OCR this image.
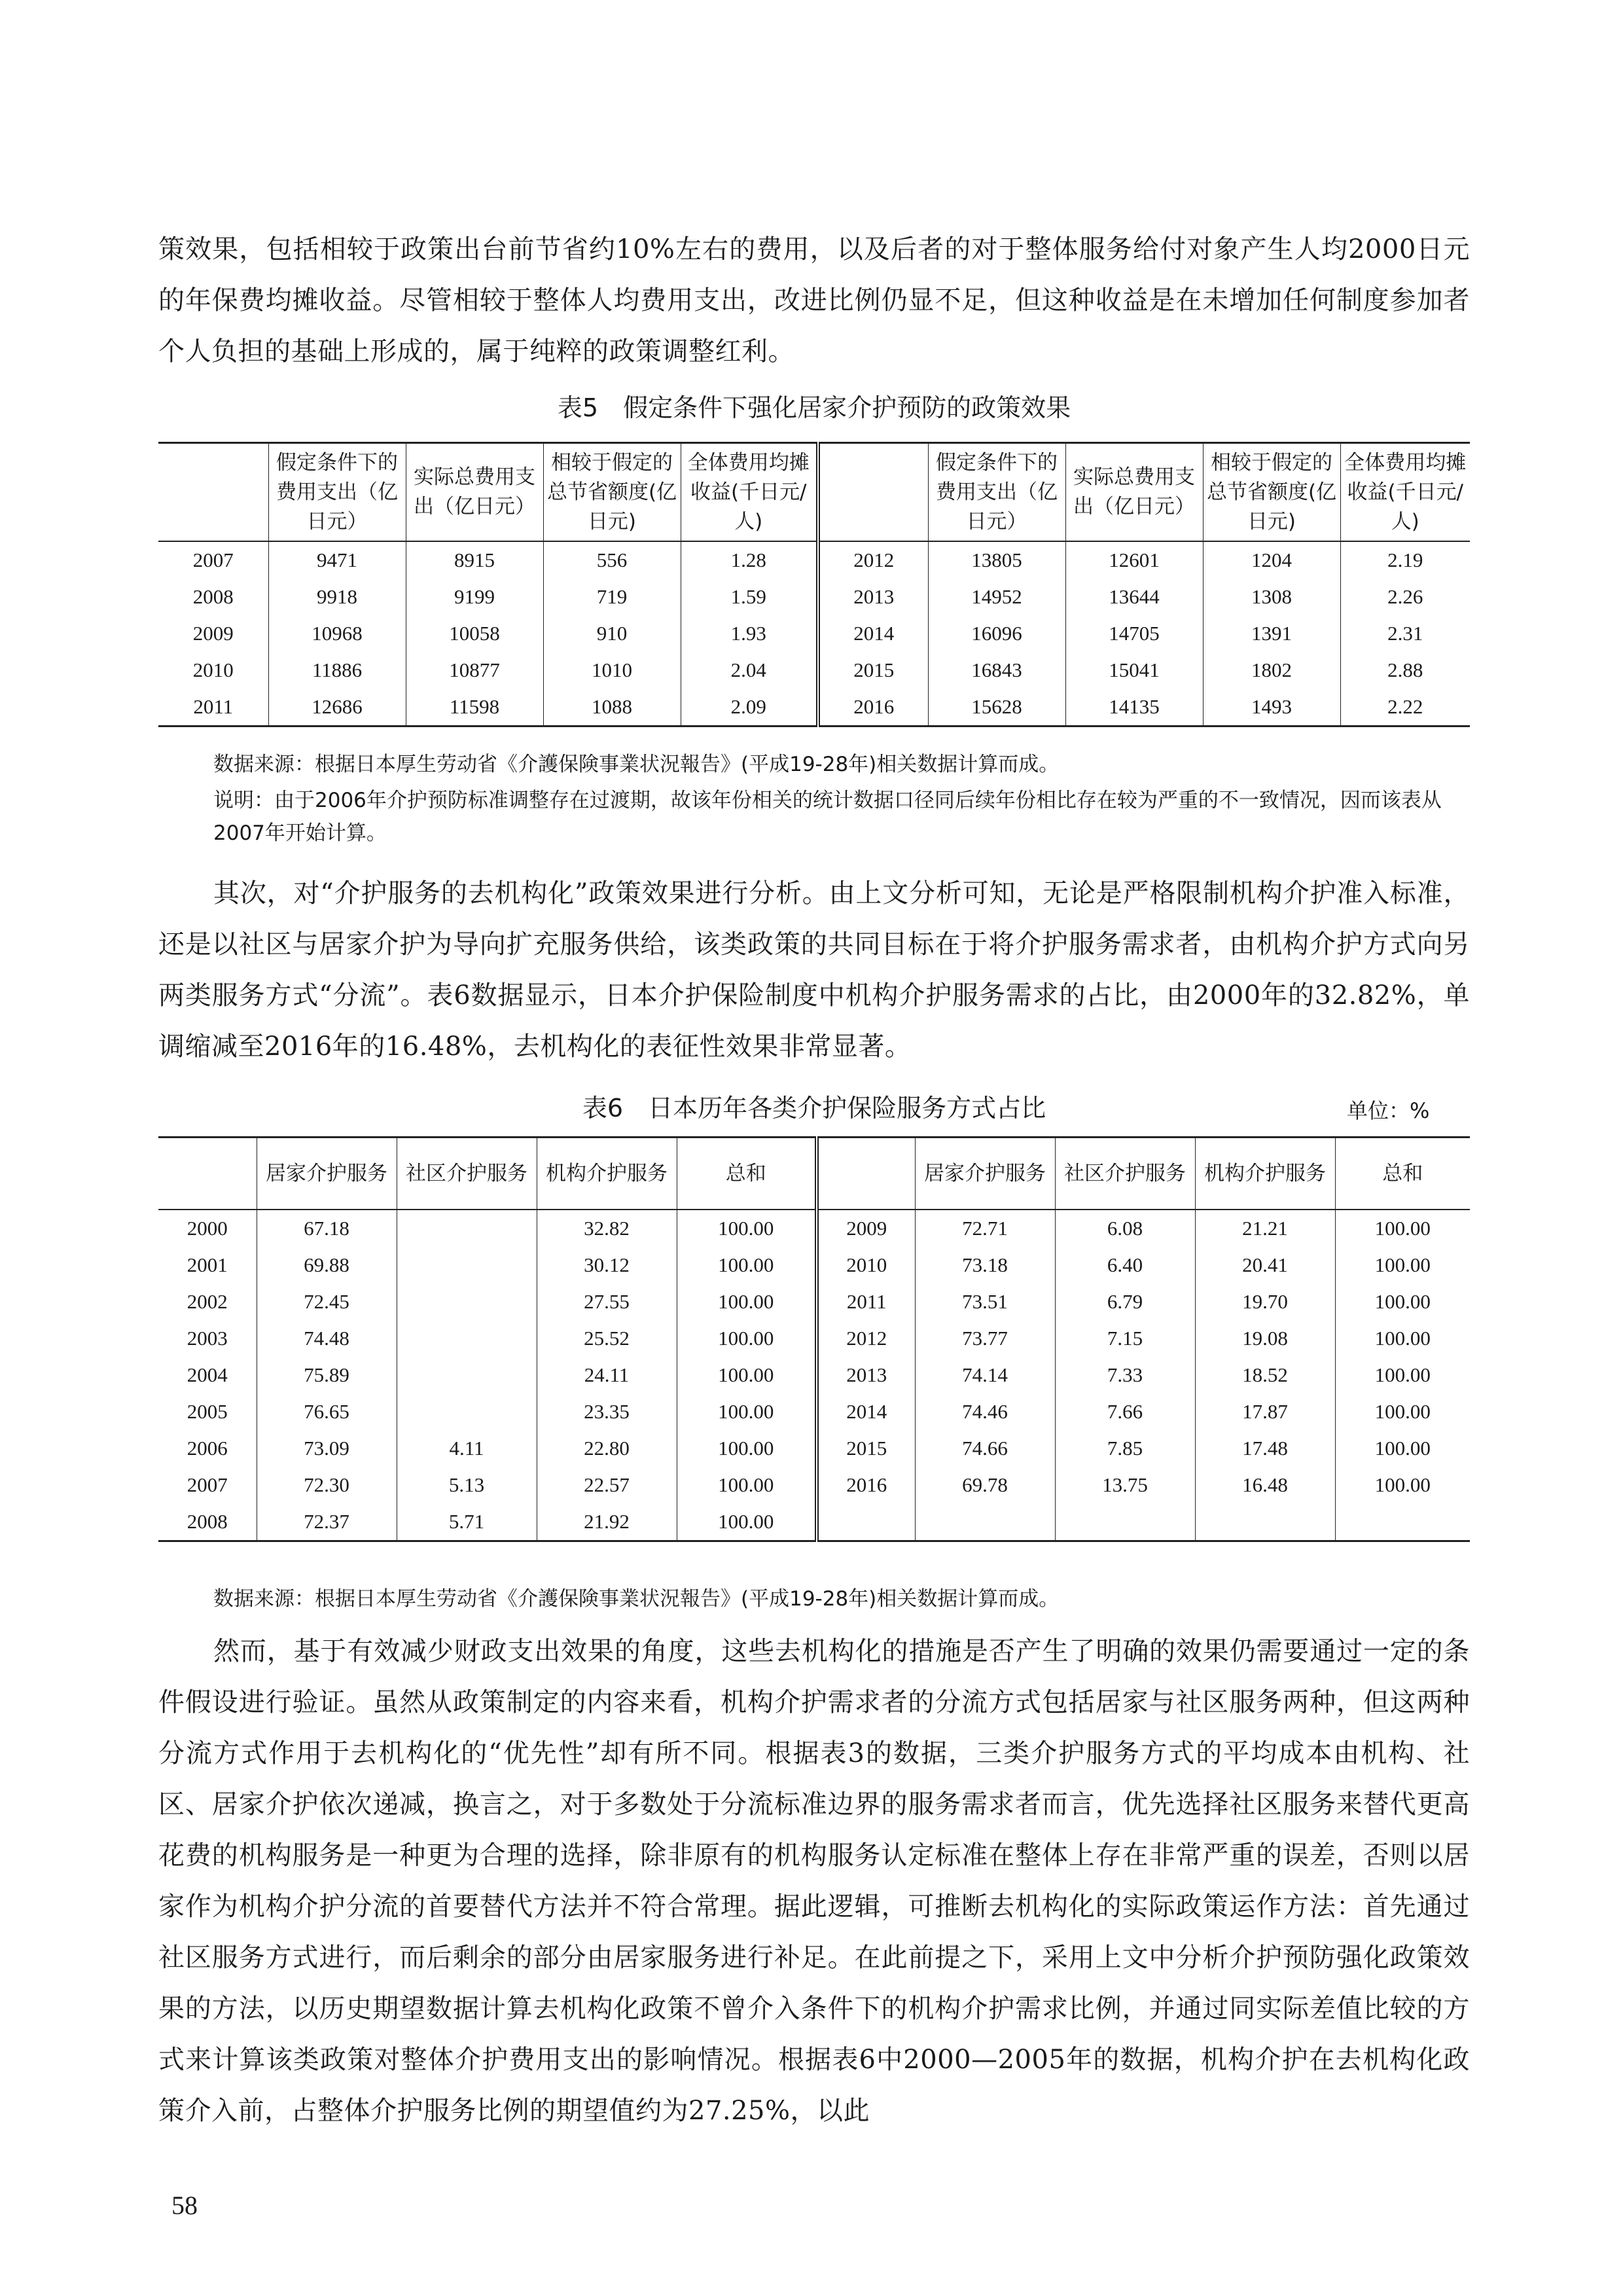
策效果，包括相较于政策出台前节省约10%左右的费用，以及后者的对于整体服务给付对象产生人均2000日元的年保费均摊收益。尽管相较于整体人均费用支出，改进比例仍显不足，但这种收益是在未增加任何制度参加者个人负担的基础上形成的，属于纯粹的政策调整红利。

表5　假定条件下强化居家介护预防的政策效果
	假定条件下的费用支出（亿日元）	实际总费用支出（亿日元）	相较于假定的总节省额度(亿日元)	全体费用均摊收益(千日元/人)		假定条件下的费用支出（亿日元）	实际总费用支出（亿日元）	相较于假定的总节省额度(亿日元)	全体费用均摊收益(千日元/人)
2007	9471	8915	556	1.28	2012	13805	12601	1204	2.19
2008	9918	9199	719	1.59	2013	14952	13644	1308	2.26
2009	10968	10058	910	1.93	2014	16096	14705	1391	2.31
2010	11886	10877	1010	2.04	2015	16843	15041	1802	2.88
2011	12686	11598	1088	2.09	2016	15628	14135	1493	2.22

数据来源：根据日本厚生劳动省《介護保険事業状況報告》(平成19-28年)相关数据计算而成。

说明：由于2006年介护预防标准调整存在过渡期，故该年份相关的统计数据口径同后续年份相比存在较为严重的不一致情况，因而该表从2007年开始计算。

其次，对“介护服务的去机构化”政策效果进行分析。由上文分析可知，无论是严格限制机构介护准入标准，还是以社区与居家介护为导向扩充服务供给，该类政策的共同目标在于将介护服务需求者，由机构介护方式向另两类服务方式“分流”。表6数据显示，日本介护保险制度中机构介护服务需求的占比，由2000年的32.82%，单调缩减至2016年的16.48%，去机构化的表征性效果非常显著。

表6　日本历年各类介护保险服务方式占比	单位：%
	居家介护服务	社区介护服务	机构介护服务	总和		居家介护服务	社区介护服务	机构介护服务	总和
2000	67.18		32.82	100.00	2009	72.71	6.08	21.21	100.00
2001	69.88		30.12	100.00	2010	73.18	6.40	20.41	100.00
2002	72.45		27.55	100.00	2011	73.51	6.79	19.70	100.00
2003	74.48		25.52	100.00	2012	73.77	7.15	19.08	100.00
2004	75.89		24.11	100.00	2013	74.14	7.33	18.52	100.00
2005	76.65		23.35	100.00	2014	74.46	7.66	17.87	100.00
2006	73.09	4.11	22.80	100.00	2015	74.66	7.85	17.48	100.00
2007	72.30	5.13	22.57	100.00	2016	69.78	13.75	16.48	100.00
2008	72.37	5.71	21.92	100.00					

数据来源：根据日本厚生劳动省《介護保険事業状況報告》(平成19-28年)相关数据计算而成。

然而，基于有效减少财政支出效果的角度，这些去机构化的措施是否产生了明确的效果仍需要通过一定的条件假设进行验证。虽然从政策制定的内容来看，机构介护需求者的分流方式包括居家与社区服务两种，但这两种分流方式作用于去机构化的“优先性”却有所不同。根据表3的数据，三类介护服务方式的平均成本由机构、社区、居家介护依次递减，换言之，对于多数处于分流标准边界的服务需求者而言，优先选择社区服务来替代更高花费的机构服务是一种更为合理的选择，除非原有的机构服务认定标准在整体上存在非常严重的误差，否则以居家作为机构介护分流的首要替代方法并不符合常理。据此逻辑，可推断去机构化的实际政策运作方法：首先通过社区服务方式进行，而后剩余的部分由居家服务进行补足。在此前提之下，采用上文中分析介护预防强化政策效果的方法，以历史期望数据计算去机构化政策不曾介入条件下的机构介护需求比例，并通过同实际差值比较的方式来计算该类政策对整体介护费用支出的影响情况。根据表6中2000—2005年的数据，机构介护在去机构化政策介入前，占整体介护服务比例的期望值约为27.25%，以此

58
